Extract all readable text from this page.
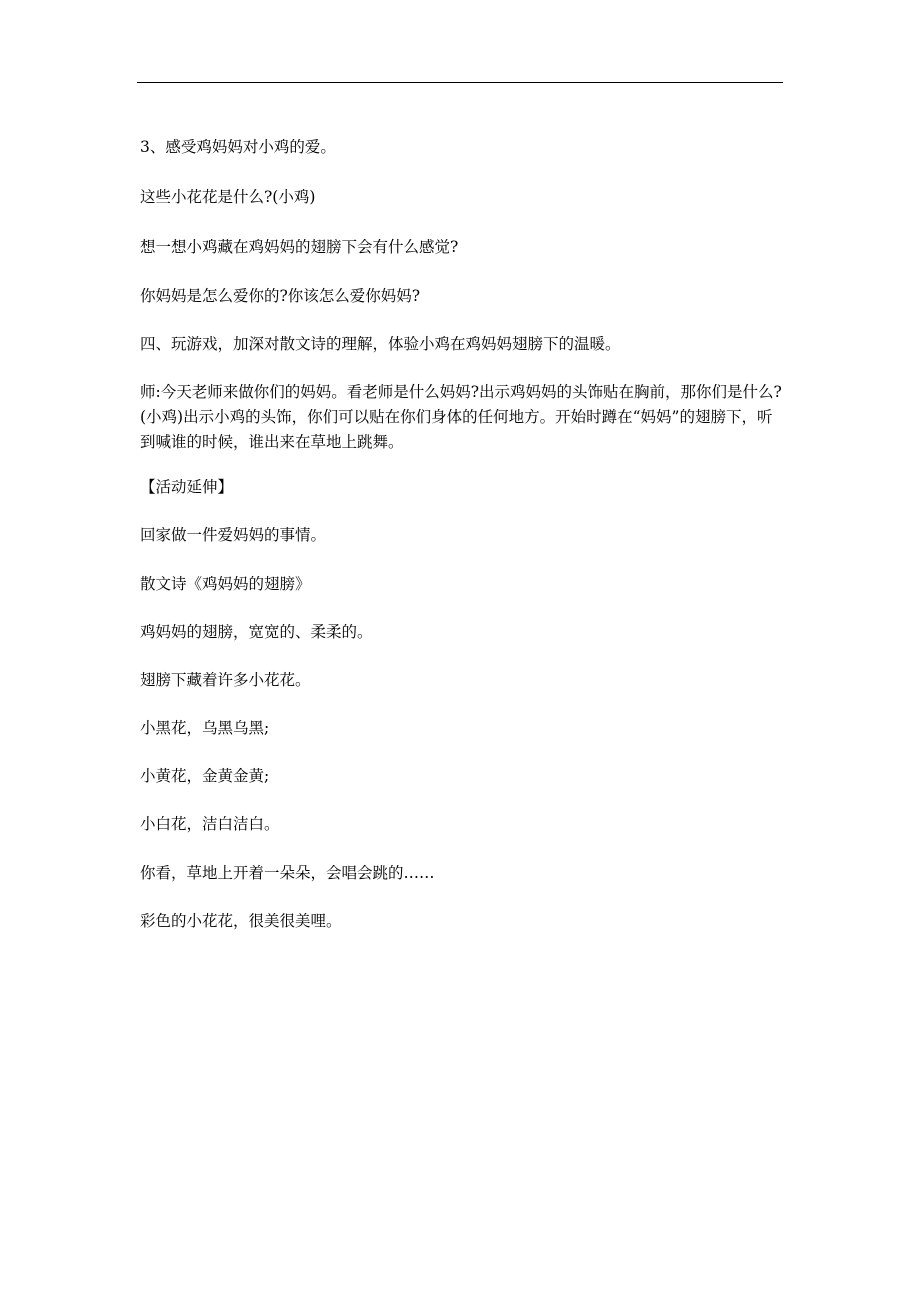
3、感受鸡妈妈对小鸡的爱。

这些小花花是什么?(小鸡)

想一想小鸡藏在鸡妈妈的翅膀下会有什么感觉?

你妈妈是怎么爱你的?你该怎么爱你妈妈?

四、玩游戏，加深对散文诗的理解，体验小鸡在鸡妈妈翅膀下的温暖。

师:今天老师来做你们的妈妈。看老师是什么妈妈?出示鸡妈妈的头饰贴在胸前，那你们是什么?(小鸡)出示小鸡的头饰，你们可以贴在你们身体的任何地方。开始时蹲在“妈妈”的翅膀下，听到喊谁的时候，谁出来在草地上跳舞。

【活动延伸】

回家做一件爱妈妈的事情。

散文诗《鸡妈妈的翅膀》

鸡妈妈的翅膀，宽宽的、柔柔的。

翅膀下藏着许多小花花。

小黑花，乌黑乌黑;

小黄花，金黄金黄;

小白花，洁白洁白。

你看，草地上开着一朵朵，会唱会跳的……

彩色的小花花，很美很美哩。
